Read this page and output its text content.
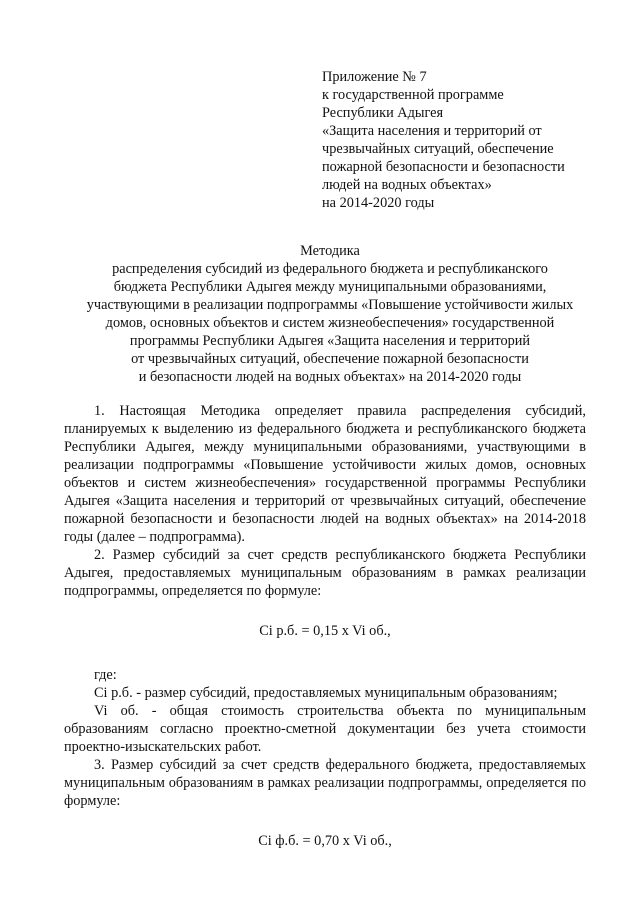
Приложение № 7
к государственной программе
Республики Адыгея
«Защита населения и территорий от
чрезвычайных ситуаций, обеспечение
пожарной безопасности и безопасности
людей на водных объектах»
на 2014-2020 годы
Методика
распределения субсидий из федерального бюджета и республиканского
бюджета Республики Адыгея между муниципальными образованиями,
участвующими в реализации подпрограммы «Повышение устойчивости жилых
домов, основных объектов и систем жизнеобеспечения» государственной
программы Республики Адыгея «Защита населения и территорий
от чрезвычайных ситуаций, обеспечение пожарной безопасности
и безопасности людей на водных объектах» на 2014-2020 годы

1. Настоящая Методика определяет правила распределения субсидий, планируемых к выделению из федерального бюджета и республиканского бюджета Республики Адыгея, между муниципальными образованиями, участвующими в реализации подпрограммы «Повышение устойчивости жилых домов, основных объектов и систем жизнеобеспечения» государственной программы Республики Адыгея «Защита населения и территорий от чрезвычайных ситуаций, обеспечение пожарной безопасности и безопасности людей на водных объектах» на 2014-2018 годы (далее – подпрограмма).

2. Размер субсидий за счет средств республиканского бюджета Республики Адыгея, предоставляемых муниципальным образованиям в рамках реализации подпрограммы, определяется по формуле:

Ci р.б. = 0,15 x Vi об.,

где:

Ci р.б. - размер субсидий, предоставляемых муниципальным образованиям;

Vi об. - общая стоимость строительства объекта по муниципальным образованиям согласно проектно-сметной документации без учета стоимости проектно-изыскательских работ.

3. Размер субсидий за счет средств федерального бюджета, предоставляемых муниципальным образованиям в рамках реализации подпрограммы, определяется по формуле:

Ci ф.б. = 0,70 x Vi об.,
